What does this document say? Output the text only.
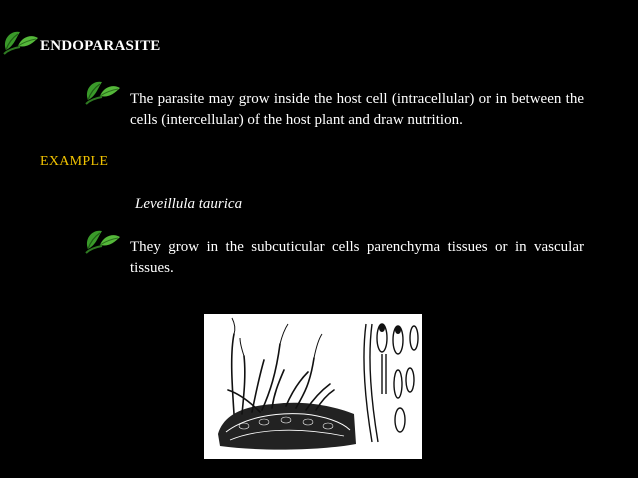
ENDOPARASITE
The parasite may grow inside the host cell (intracellular) or in between the cells (intercellular) of the host plant and draw nutrition.
EXAMPLE
Leveillula taurica
They grow in the subcuticular cells parenchyma tissues or in vascular tissues.
